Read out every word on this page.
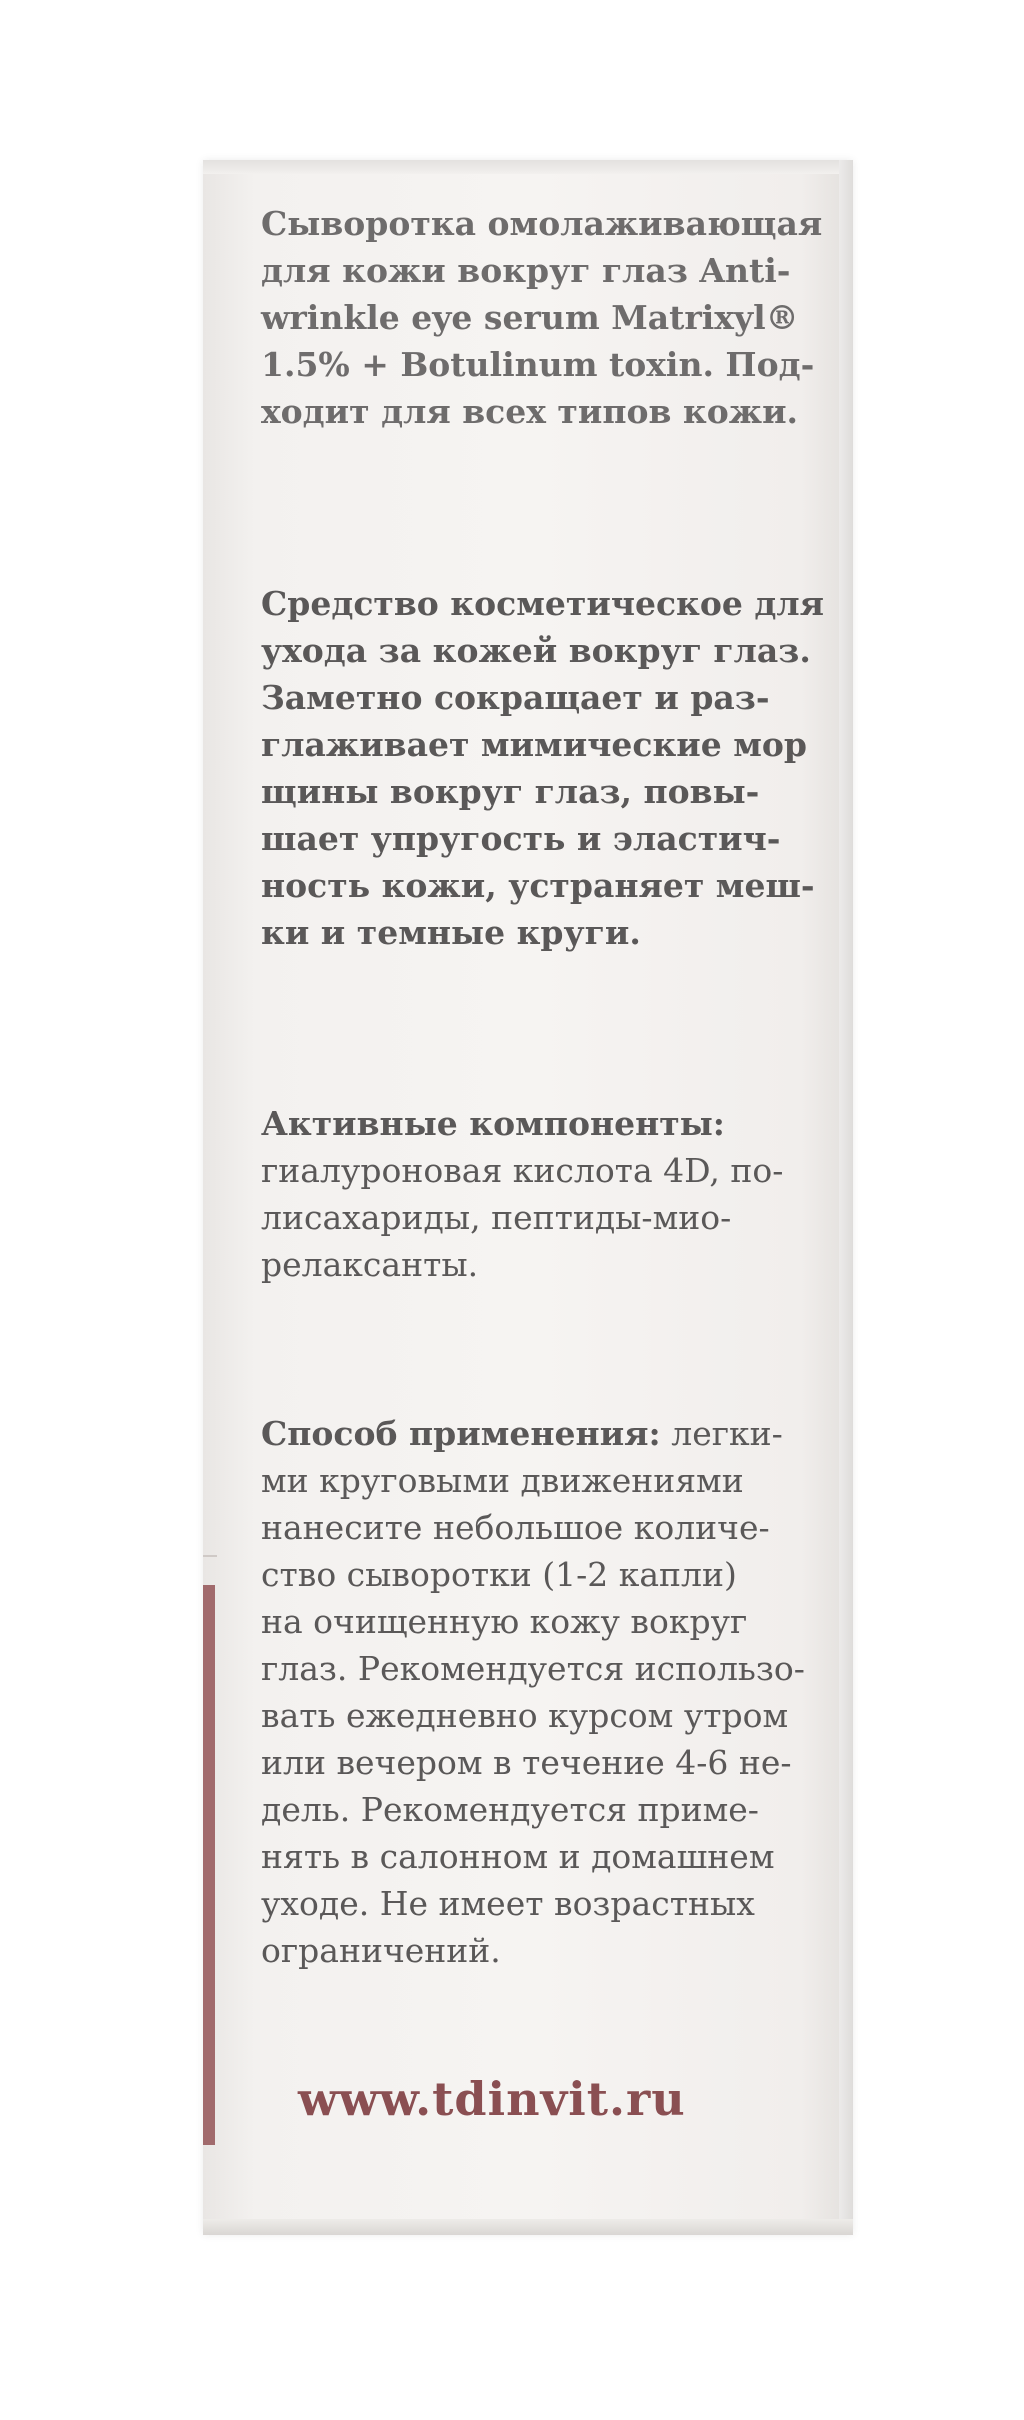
Сыворотка омолаживающая
для кожи вокруг глаз Anti-
wrinkle eye serum Matrixyl®
1.5% + Botulinum toxin. Под-
ходит для всех типов кожи.
Средство косметическое для
ухода за кожей вокруг глаз.
Заметно сокращает и раз-
глаживает мимические мор
щины вокруг глаз, повы-
шает упругость и эластич-
ность кожи, устраняет меш-
ки и темные круги.
Активные компоненты:
гиалуроновая кислота 4D, по-
лисахариды, пептиды-мио-
релаксанты.
Способ применения: легки-
ми круговыми движениями
нанесите небольшое количе-
ство сыворотки (1-2 капли)
на очищенную кожу вокруг
глаз. Рекомендуется использо-
вать ежедневно курсом утром
или вечером в течение 4-6 не-
дель. Рекомендуется приме-
нять в салонном и домашнем
уходе. Не имеет возрастных
ограничений.
www.tdinvit.ru
